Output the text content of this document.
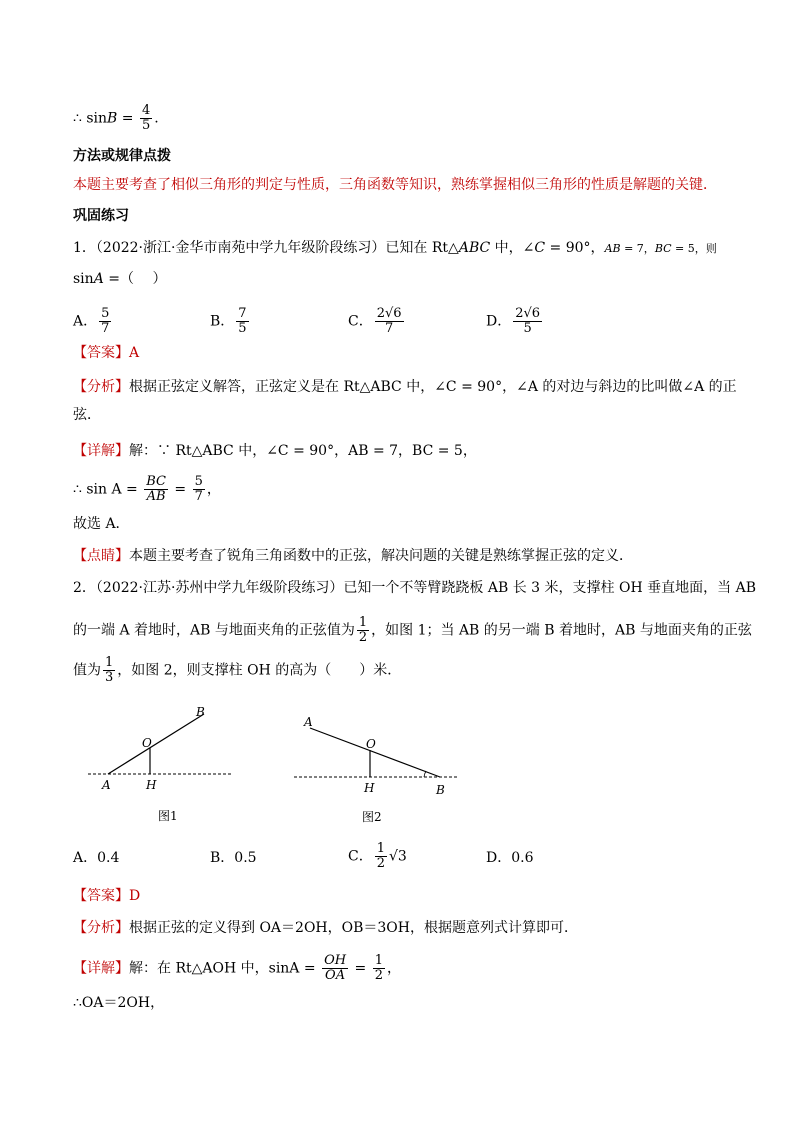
∴ $\sin B = \frac{4}{5}$ .
方法或规律点拨
本题主要考查了相似三角形的判定与性质，三角函数等知识，熟练掌握相似三角形的性质是解题的关键．
巩固练习
1．（2022·浙江·金华市南苑中学九年级阶段练习）已知在 Rt△ABC 中，∠C = 90°，AB = 7，BC = 5，则
sinA =（　 ）
A． $\frac{5}{7}$	B． $\frac{7}{5}$	C． $\frac{2√6}{7}$	D． $\frac{2√6}{5}$
【答案】A
【分析】根据正弦定义解答，正弦定义是在 Rt△ABC 中，∠C = 90°，∠A 的对边与斜边的比叫做∠A 的正
弦．
【详解】解：∵ Rt△ABC 中，∠C = 90°，AB = 7，BC = 5，
∴ $\sin A = \frac{BC}{AB} = \frac{5}{7}$ ，
故选 A．
【点睛】本题主要考查了锐角三角函数中的正弦，解决问题的关键是熟练掌握正弦的定义．
2．（2022·江苏·苏州中学九年级阶段练习）已知一个不等臂跷跷板 AB 长 3 米，支撑柱 OH 垂直地面，当 AB
的一端 A 着地时，AB 与地面夹角的正弦值为 $\frac{1}{2}$ ，如图 1；当 AB 的另一端 B 着地时，AB 与地面夹角的正弦
值为 $\frac{1}{3}$ ，如图 2，则支撑柱 OH 的高为（　　）米．
B
O
A	H
图1
A
O
H	B
图2
A．0.4	B．0.5	C． $\frac{1}{2} √3$	D．0.6
【答案】D
【分析】根据正弦的定义得到 OA＝2OH，OB＝3OH，根据题意列式计算即可．
【详解】解：在 Rt△AOH 中，$\sin A = \frac{OH}{OA} = \frac{1}{2}$ ，
∴OA＝2OH，
